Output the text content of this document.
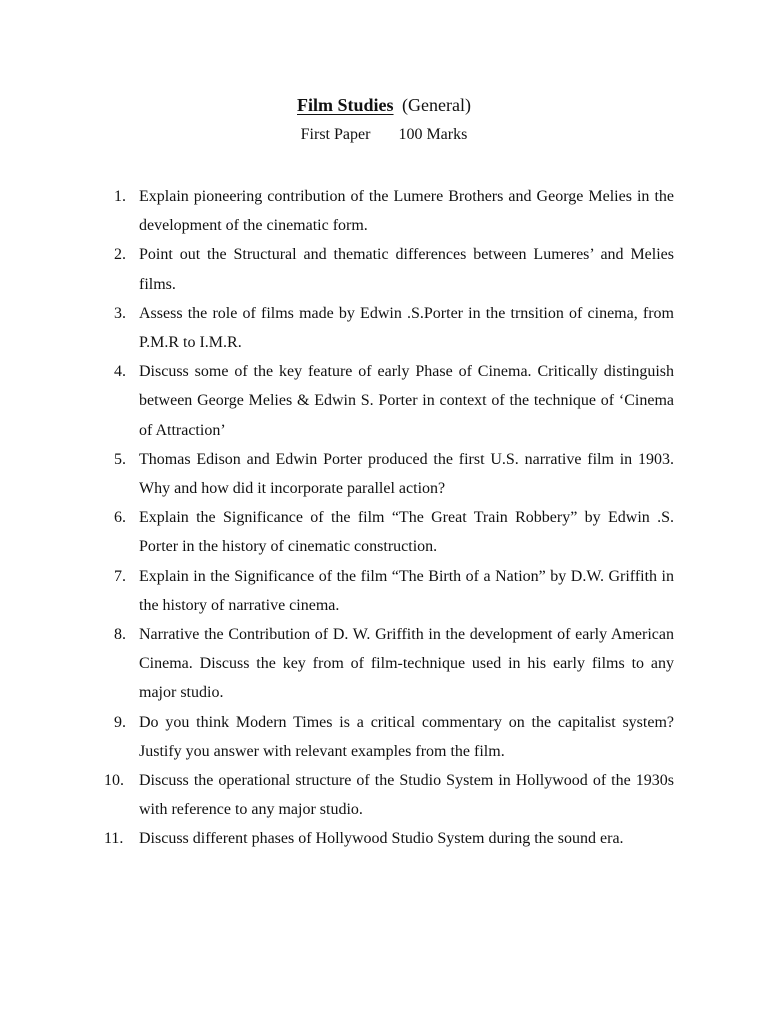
Film Studies (General)
First Paper 100 Marks
1. Explain pioneering contribution of the Lumere Brothers and George Melies in the development of the cinematic form.
2. Point out the Structural and thematic differences between Lumeres’ and Melies films.
3. Assess the role of films made by Edwin .S.Porter in the trnsition of cinema, from P.M.R to I.M.R.
4. Discuss some of the key feature of early Phase of Cinema. Critically distinguish between George Melies & Edwin S. Porter in context of the technique of ‘Cinema of Attraction’
5. Thomas Edison and Edwin Porter produced the first U.S. narrative film in 1903. Why and how did it incorporate parallel action?
6. Explain the Significance of the film “The Great Train Robbery” by Edwin .S. Porter in the history of cinematic construction.
7. Explain in the Significance of the film “The Birth of a Nation” by D.W. Griffith in the history of narrative cinema.
8. Narrative the Contribution of D. W. Griffith in the development of early American Cinema. Discuss the key from of film-technique used in his early films to any major studio.
9. Do you think Modern Times is a critical commentary on the capitalist system? Justify you answer with relevant examples from the film.
10. Discuss the operational structure of the Studio System in Hollywood of the 1930s with reference to any major studio.
11. Discuss different phases of Hollywood Studio System during the sound era.
